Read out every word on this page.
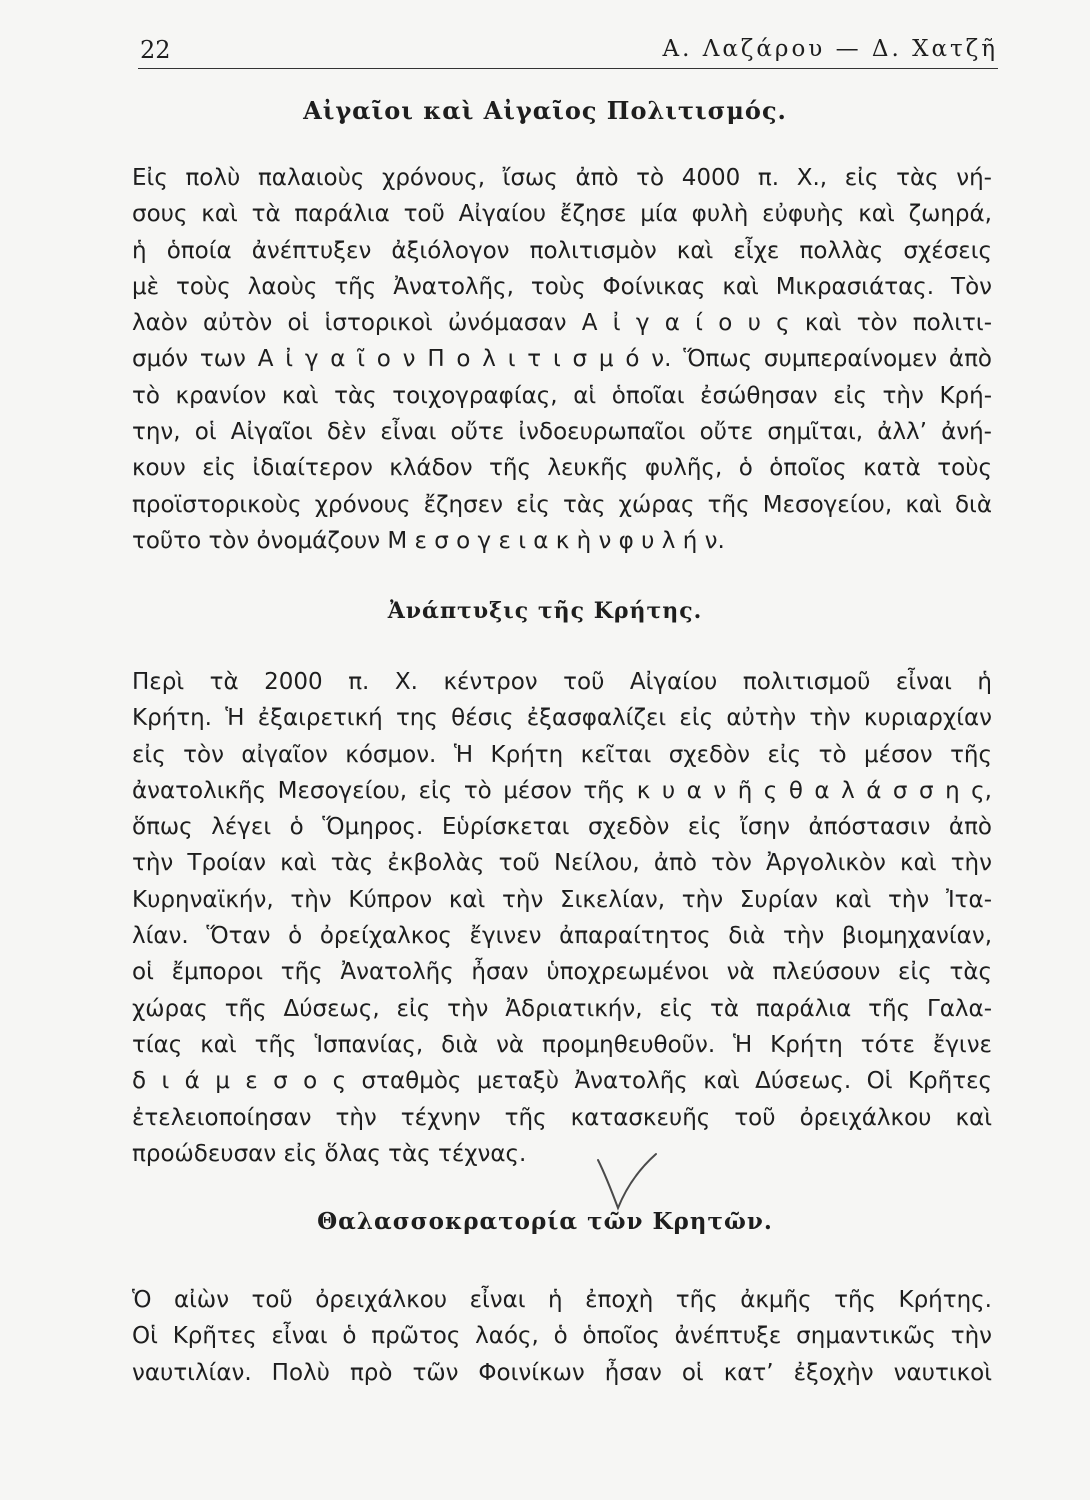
22	Α. Λαζάρου — Δ. Χατζῆ
Αἰγαῖοι καὶ Αἰγαῖος Πολιτισμός.
Εἰς πολὺ παλαιοὺς χρόνους, ἴσως ἀπὸ τὸ 4000 π. Χ., εἰς τὰς νή-
σους καὶ τὰ παράλια τοῦ Αἰγαίου ἔζησε μία φυλὴ εὐφυὴς καὶ ζωηρά,
ἡ ὁποία ἀνέπτυξεν ἀξιόλογον πολιτισμὸν καὶ εἶχε πολλὰς σχέσεις
μὲ τοὺς λαοὺς τῆς Ἀνατολῆς, τοὺς Φοίνικας καὶ Μικρασιάτας. Τὸν
λαὸν αὐτὸν οἱ ἱστορικοὶ ὠνόμασαν Α ἰ γ α ί ο υ ς καὶ τὸν πολιτι-
σμόν των Α ἰ γ α ῖ ο ν Π ο λ ι τ ι σ μ ό ν. Ὅπως συμπεραίνομεν ἀπὸ
τὸ κρανίον καὶ τὰς τοιχογραφίας, αἱ ὁποῖαι ἐσώθησαν εἰς τὴν Κρή-
την, οἱ Αἰγαῖοι δὲν εἶναι οὔτε ἰνδοευρωπαῖοι οὔτε σημῖται, ἀλλ’ ἀνή-
κουν εἰς ἰδιαίτερον κλάδον τῆς λευκῆς φυλῆς, ὁ ὁποῖος κατὰ τοὺς
προϊστορικοὺς χρόνους ἔζησεν εἰς τὰς χώρας τῆς Μεσογείου, καὶ διὰ
τοῦτο τὸν ὀνομάζουν Μ ε σ ο γ ε ι α κ ὴ ν φ υ λ ή ν.
Ἀνάπτυξις τῆς Κρήτης.
Περὶ τὰ 2000 π. Χ. κέντρον τοῦ Αἰγαίου πολιτισμοῦ εἶναι ἡ
Κρήτη. Ἡ ἐξαιρετική της θέσις ἐξασφαλίζει εἰς αὐτὴν τὴν κυριαρχίαν
εἰς τὸν αἰγαῖον κόσμον. Ἡ Κρήτη κεῖται σχεδὸν εἰς τὸ μέσον τῆς
ἀνατολικῆς Μεσογείου, εἰς τὸ μέσον τῆς κ υ α ν ῆ ς θ α λ ά σ σ η ς,
ὅπως λέγει ὁ Ὅμηρος. Εὑρίσκεται σχεδὸν εἰς ἴσην ἀπόστασιν ἀπὸ
τὴν Τροίαν καὶ τὰς ἐκβολὰς τοῦ Νείλου, ἀπὸ τὸν Ἀργολικὸν καὶ τὴν
Κυρηναϊκήν, τὴν Κύπρον καὶ τὴν Σικελίαν, τὴν Συρίαν καὶ τὴν Ἰτα-
λίαν. Ὅταν ὁ ὀρείχαλκος ἔγινεν ἀπαραίτητος διὰ τὴν βιομηχανίαν,
οἱ ἔμποροι τῆς Ἀνατολῆς ἦσαν ὑποχρεωμένοι νὰ πλεύσουν εἰς τὰς
χώρας τῆς Δύσεως, εἰς τὴν Ἀδριατικήν, εἰς τὰ παράλια τῆς Γαλα-
τίας καὶ τῆς Ἱσπανίας, διὰ νὰ προμηθευθοῦν. Ἡ Κρήτη τότε ἔγινε
δ ι ά μ ε σ ο ς σταθμὸς μεταξὺ Ἀνατολῆς καὶ Δύσεως. Οἱ Κρῆτες
ἐτελειοποίησαν τὴν τέχνην τῆς κατασκευῆς τοῦ ὀρειχάλκου καὶ
προώδευσαν εἰς ὅλας τὰς τέχνας.
Θαλασσοκρατορία τῶν Κρητῶν.
Ὁ αἰὼν τοῦ ὀρειχάλκου εἶναι ἡ ἐποχὴ τῆς ἀκμῆς τῆς Κρήτης.
Οἱ Κρῆτες εἶναι ὁ πρῶτος λαός, ὁ ὁποῖος ἀνέπτυξε σημαντικῶς τὴν
ναυτιλίαν. Πολὺ πρὸ τῶν Φοινίκων ἦσαν οἱ κατ’ ἐξοχὴν ναυτικοὶ
